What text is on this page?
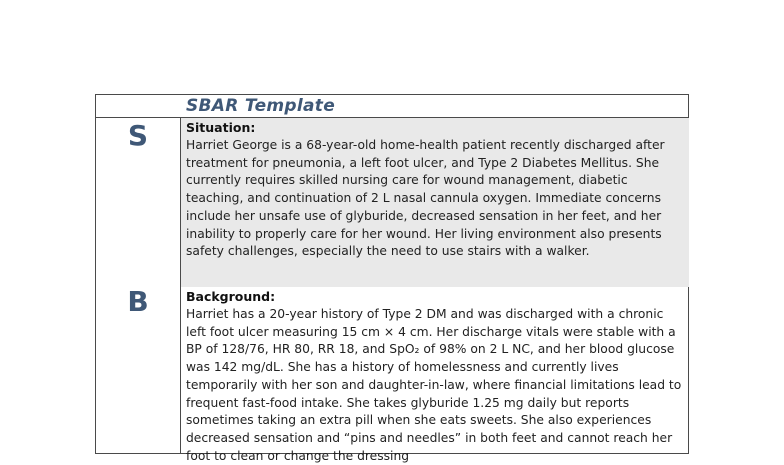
SBAR Template
S	Situation:
Harriet George is a 68-year-old home-health patient recently discharged after treatment for pneumonia, a left foot ulcer, and Type 2 Diabetes Mellitus. She currently requires skilled nursing care for wound management, diabetic teaching, and continuation of 2 L nasal cannula oxygen. Immediate concerns include her unsafe use of glyburide, decreased sensation in her feet, and her inability to properly care for her wound. Her living environment also presents safety challenges, especially the need to use stairs with a walker.
B	Background:
Harriet has a 20-year history of Type 2 DM and was discharged with a chronic left foot ulcer measuring 15 cm × 4 cm. Her discharge vitals were stable with a BP of 128/76, HR 80, RR 18, and SpO₂ of 98% on 2 L NC, and her blood glucose was 142 mg/dL. She has a history of homelessness and currently lives temporarily with her son and daughter-in-law, where financial limitations lead to frequent fast-food intake. She takes glyburide 1.25 mg daily but reports sometimes taking an extra pill when she eats sweets. She also experiences decreased sensation and “pins and needles” in both feet and cannot reach her foot to clean or change the dressing
